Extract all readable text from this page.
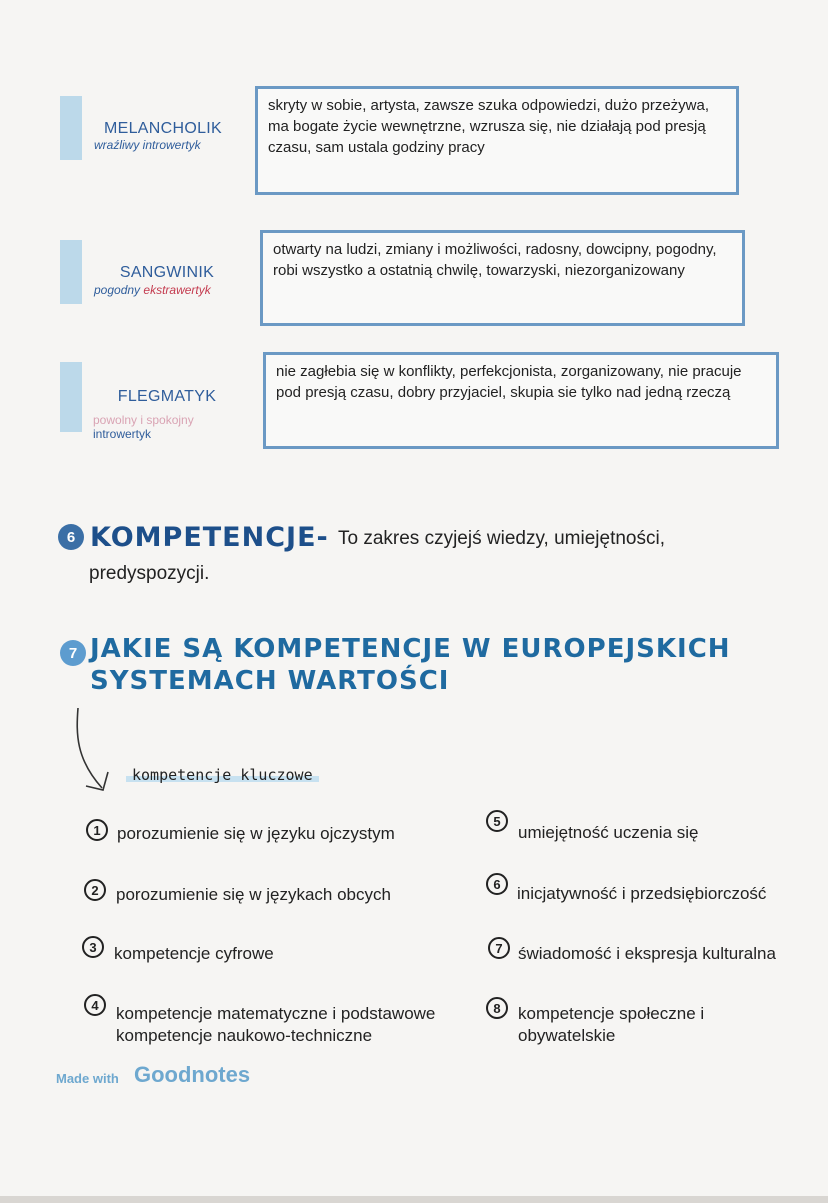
MELANCHOLIK
wraźliwy introwertyk
skryty w sobie, artysta, zawsze szuka odpowiedzi, dużo przeżywa, ma bogate życie wewnętrzne, wzrusza się, nie działają pod presją czasu, sam ustala godziny pracy
SANGWINIK
pogodny ekstrawertyk
otwarty na ludzi, zmiany i możliwości, radosny, dowcipny, pogodny, robi wszystko a ostatnią chwilę, towarzyski, niezorganizowany
FLEGMATYK
powolny i spokojny
introwertyk
nie zagłebia się w konflikty, perfekcjonista, zorganizowany, nie pracuje pod presją czasu, dobry przyjaciel, skupia sie tylko nad jedną rzeczą
6 KOMPETENCJE- To zakres czyjejś wiedzy, umiejętności,
predyspozycji.
7 JAKIE SĄ KOMPETENCJE W EUROPEJSKICH
SYSTEMACH WARTOŚCI
kompetencje kluczowe
1 porozumienie się w języku ojczystym
2	porozumienie się w językach obcych
3	kompetencje cyfrowe
4	kompetencje matematyczne i podstawowe kompetencje naukowo-techniczne
5
umiejętność uczenia się
6 inicjatywność i przedsiębiorczość
7 świadomość i ekspresja kulturalna
8	kompetencje społeczne i obywatelskie
Made with Goodnotes
